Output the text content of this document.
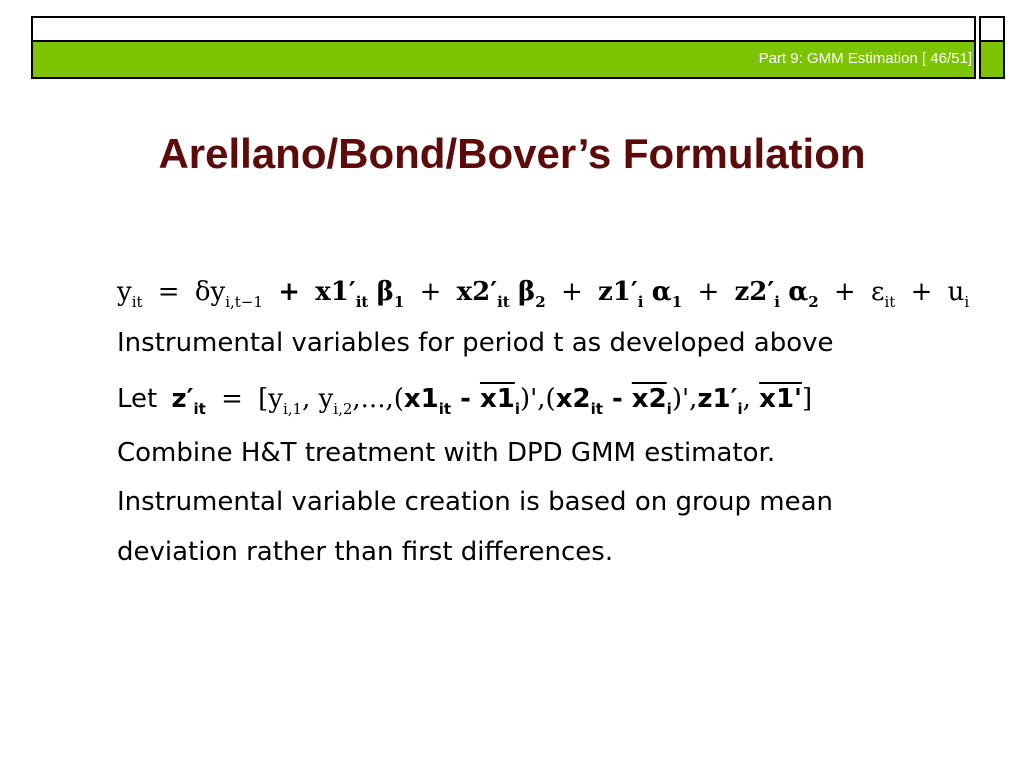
Part 9: GMM Estimation [ 46/51]
Arellano/Bond/Bover’s Formulation
$y_{it} = \delta y_{i,t-1} + x1'_{it}$ $\beta_1 + x2'_{it}$ $\beta_2 + z1'_i$ $\alpha_1 + z2'_i$ $\alpha_2 + \varepsilon_{it} + u_i$
Instrumental variables for period t as developed above
Let $z'_{it} = [y_{i,1}$, $y_{i,2},...,(x1_{it} - x1_i)',(x2_{it} - x2_i)',z1'_i$, x1']
Combine H&T treatment with DPD GMM estimator.
Instrumental variable creation is based on group mean
deviation rather than first differences.
